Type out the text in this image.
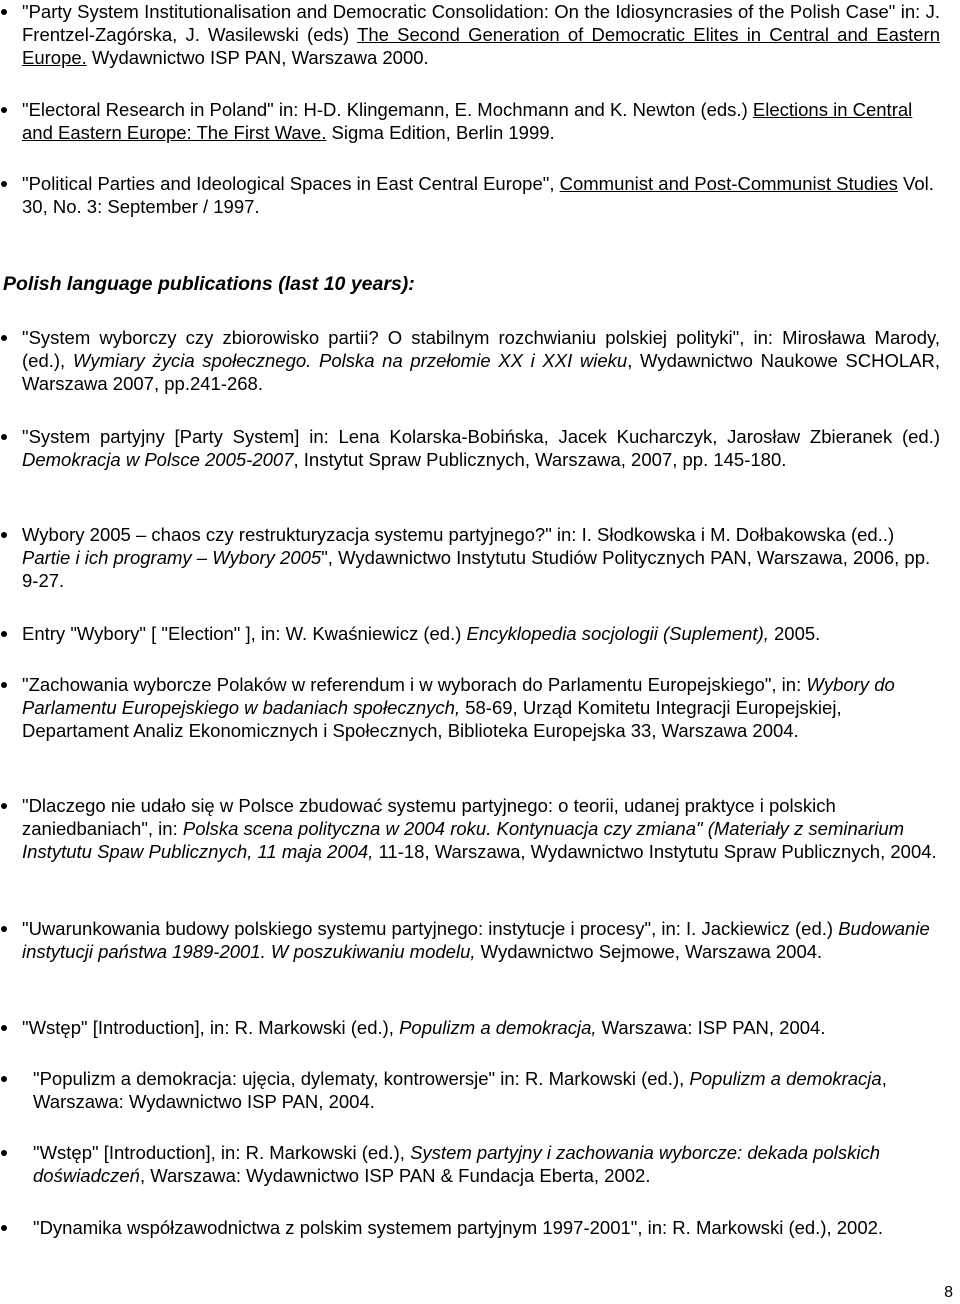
"Party System Institutionalisation and Democratic Consolidation: On the Idiosyncrasies of the Polish Case" in: J. Frentzel-Zagórska, J. Wasilewski (eds) The Second Generation of Democratic Elites in Central and Eastern Europe. Wydawnictwo ISP PAN, Warszawa 2000.
"Electoral Research in Poland" in: H-D. Klingemann, E. Mochmann and K. Newton (eds.) Elections in Central and Eastern Europe: The First Wave. Sigma Edition, Berlin 1999.
"Political Parties and Ideological Spaces in East Central Europe", Communist and Post-Communist Studies Vol. 30, No. 3: September / 1997.
Polish language publications (last 10 years):
"System wyborczy czy zbiorowisko partii? O stabilnym rozchwianiu polskiej polityki", in: Mirosława Marody, (ed.), Wymiary życia społecznego. Polska na przełomie XX i XXI wieku, Wydawnictwo Naukowe SCHOLAR, Warszawa 2007, pp.241-268.
"System partyjny [Party System] in: Lena Kolarska-Bobińska, Jacek Kucharczyk, Jarosław Zbieranek (ed.) Demokracja w Polsce 2005-2007, Instytut Spraw Publicznych, Warszawa, 2007, pp. 145-180.
Wybory 2005 – chaos czy restrukturyzacja systemu partyjnego?" in: I. Słodkowska i M. Dołbakowska (ed..) Partie i ich programy – Wybory 2005", Wydawnictwo Instytutu Studiów Politycznych PAN, Warszawa, 2006, pp. 9-27.
Entry "Wybory" [ "Election" ], in: W. Kwaśniewicz (ed.) Encyklopedia socjologii (Suplement), 2005.
"Zachowania wyborcze Polaków w referendum i w wyborach do Parlamentu Europejskiego", in: Wybory do Parlamentu Europejskiego w badaniach społecznych, 58-69, Urząd Komitetu Integracji Europejskiej, Departament Analiz Ekonomicznych i Społecznych, Biblioteka Europejska 33, Warszawa 2004.
"Dlaczego nie udało się w Polsce zbudować systemu partyjnego: o teorii, udanej praktyce i polskich zaniedbaniach", in: Polska scena polityczna w 2004 roku. Kontynuacja czy zmiana" (Materiały z seminarium Instytutu Spaw Publicznych, 11 maja 2004, 11-18, Warszawa, Wydawnictwo Instytutu Spraw Publicznych, 2004.
"Uwarunkowania budowy polskiego systemu partyjnego: instytucje i procesy", in: I. Jackiewicz (ed.) Budowanie instytucji państwa 1989-2001. W poszukiwaniu modelu, Wydawnictwo Sejmowe, Warszawa 2004.
"Wstęp" [Introduction], in: R. Markowski (ed.), Populizm a demokracja, Warszawa: ISP PAN, 2004.
"Populizm a demokracja: ujęcia, dylematy, kontrowersje" in: R. Markowski (ed.), Populizm a demokracja, Warszawa: Wydawnictwo ISP PAN, 2004.
"Wstęp" [Introduction], in: R. Markowski (ed.), System partyjny i zachowania wyborcze: dekada polskich doświadczeń, Warszawa: Wydawnictwo ISP PAN & Fundacja Eberta, 2002.
"Dynamika współzawodnictwa z polskim systemem partyjnym 1997-2001", in: R. Markowski (ed.), 2002.
8
